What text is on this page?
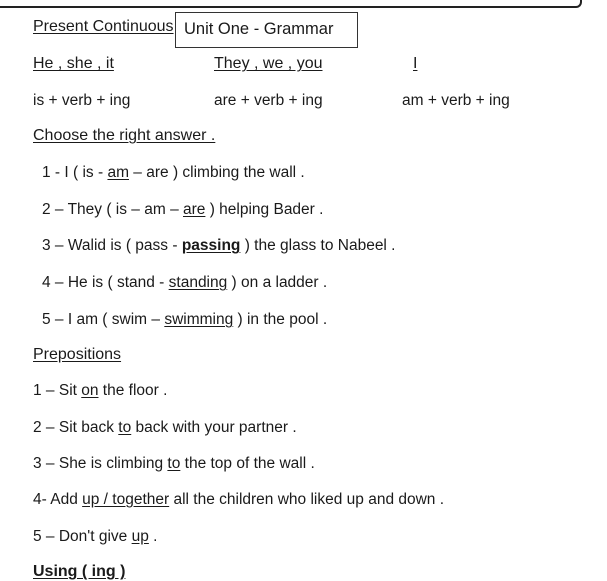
Present Continuous Unit One - Grammar
He , she , it	They , we , you	I
is + verb + ing	are + verb + ing	am + verb + ing
Choose the right answer .
1 - I ( is - am – are ) climbing the wall .
2 – They ( is – am – are ) helping Bader .
3 – Walid is ( pass - passing ) the glass to Nabeel .
4 – He is ( stand - standing ) on a ladder .
5 – I am ( swim – swimming ) in the pool .
Prepositions
1 – Sit on the floor .
2 – Sit back to back with your partner .
3 – She is climbing to the top of the wall .
4- Add up / together all the children who liked up and down .
5 – Don't give up .
Using ( ing )
